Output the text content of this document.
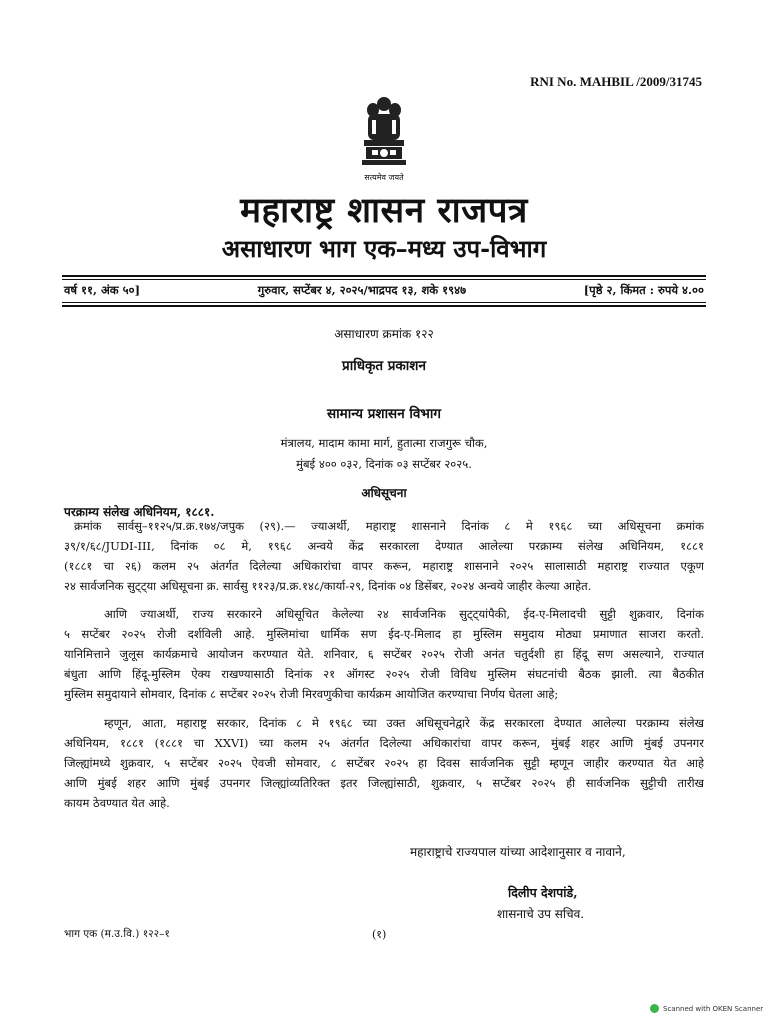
RNI No. MAHBIL /2009/31745
सत्यमेव जयते
महाराष्ट्र शासन राजपत्र
असाधारण भाग एक–मध्य उप-विभाग
वर्ष ११, अंक ५०]	गुरुवार, सप्टेंबर ४, २०२५/भाद्रपद १३, शके १९४७	[पृष्ठे २, किंमत : रुपये ४.००
असाधारण क्रमांक १२२
प्राधिकृत प्रकाशन
सामान्य प्रशासन विभाग
मंत्रालय, मादाम कामा मार्ग, हुतात्मा राजगुरू चौक,
मुंबई ४०० ०३२, दिनांक ०३ सप्टेंबर २०२५.
अधिसूचना
परक्राम्य संलेख अधिनियम, १८८१.
क्रमांक सार्वसु–११२५/प्र.क्र.१७४/जपुक (२९).— ज्याअर्थी, महाराष्ट्र शासनाने दिनांक ८ मे १९६८ च्या अधिसूचना क्रमांक
३९/१/६८/JUDI-III, दिनांक ०८ मे, १९६८ अन्वये केंद्र सरकारला देण्यात आलेल्या परक्राम्य संलेख अधिनियम, १८८१
(१८८१ चा २६) कलम २५ अंतर्गत दिलेल्या अधिकारांचा वापर करून, महाराष्ट्र शासनाने २०२५ सालासाठी महाराष्ट्र राज्यात एकूण
२४ सार्वजनिक सुट्ट्या अधिसूचना क्र. सार्वसु ११२३/प्र.क्र.१४८/कार्या-२९, दिनांक ०४ डिसेंबर, २०२४ अन्वये जाहीर केल्या आहेत.
आणि ज्याअर्थी, राज्य सरकारने अधिसूचित केलेल्या २४ सार्वजनिक सुट्ट्यांपैकी, ईद-ए-मिलादची सुट्टी शुक्रवार, दिनांक
५ सप्टेंबर २०२५ रोजी दर्शविली आहे. मुस्लिमांचा धार्मिक सण ईद-ए-मिलाद हा मुस्लिम समुदाय मोठ्या प्रमाणात साजरा करतो.
यानिमित्ताने जुलूस कार्यक्रमाचे आयोजन करण्यात येते. शनिवार, ६ सप्टेंबर २०२५ रोजी अनंत चतुर्दशी हा हिंदू सण असल्याने, राज्यात
बंधुता आणि हिंदू-मुस्लिम ऐक्य राखण्यासाठी दिनांक २१ ऑगस्ट २०२५ रोजी विविध मुस्लिम संघटनांची बैठक झाली. त्या बैठकीत
मुस्लिम समुदायाने सोमवार, दिनांक ८ सप्टेंबर २०२५ रोजी मिरवणुकीचा कार्यक्रम आयोजित करण्याचा निर्णय घेतला आहे;
म्हणून, आता, महाराष्ट्र सरकार, दिनांक ८ मे १९६८ च्या उक्त अधिसूचनेद्वारे केंद्र सरकारला देण्यात आलेल्या परक्राम्य संलेख
अधिनियम, १८८१ (१८८१ चा XXVI) च्या कलम २५ अंतर्गत दिलेल्या अधिकारांचा वापर करून, मुंबई शहर आणि मुंबई उपनगर
जिल्ह्यांमध्ये शुक्रवार, ५ सप्टेंबर २०२५ ऐवजी सोमवार, ८ सप्टेंबर २०२५ हा दिवस सार्वजनिक सुट्टी म्हणून जाहीर करण्यात येत आहे
आणि मुंबई शहर आणि मुंबई उपनगर जिल्ह्यांव्यतिरिक्त इतर जिल्ह्यांसाठी, शुक्रवार, ५ सप्टेंबर २०२५ ही सार्वजनिक सुट्टीची तारीख
कायम ठेवण्यात येत आहे.
महाराष्ट्राचे राज्यपाल यांच्या आदेशानुसार व नावाने,
दिलीप देशपांडे,
शासनाचे उप सचिव.
भाग एक (म.उ.वि.) १२२–१	(१)
Scanned with OKEN Scanner
